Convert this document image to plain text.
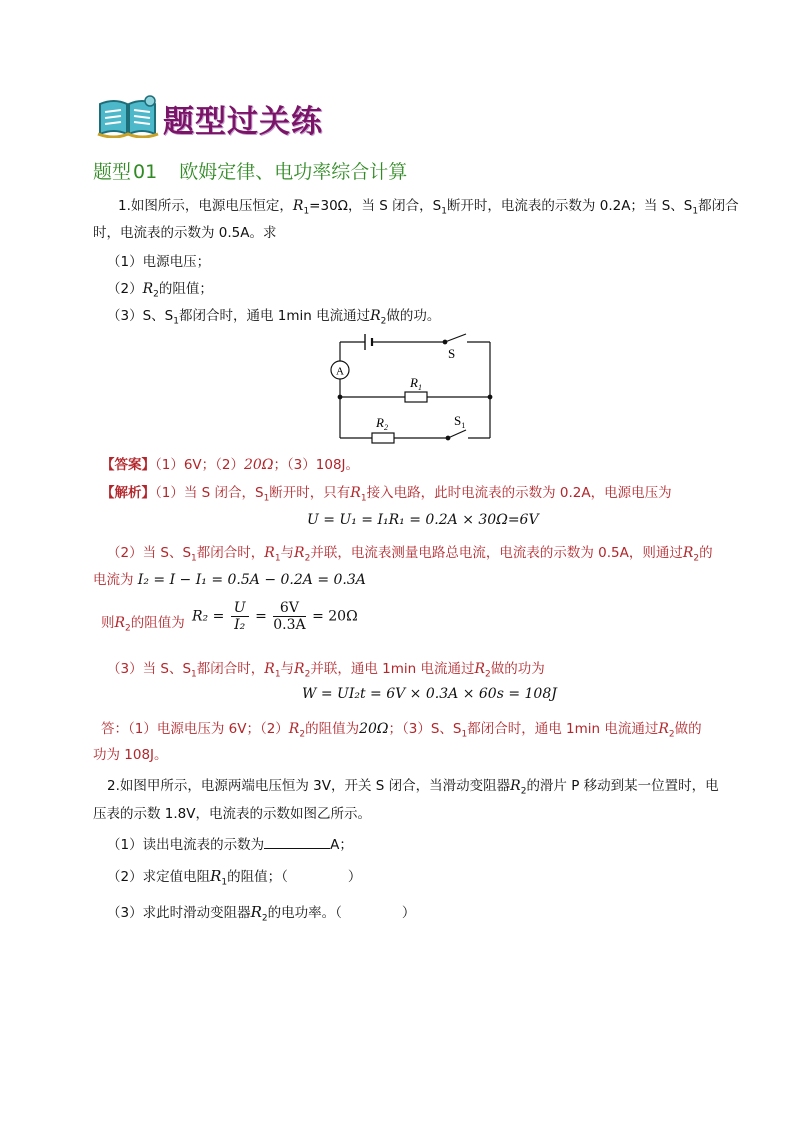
题型过关练
题型 01 欧姆定律、电功率综合计算
1.如图所示，电源电压恒定，$R_1=30\Omega$，当 S 闭合，$S_1$断开时，电流表的示数为 0.2A；当 S、$S_1$都闭合
时，电流表的示数为 0.5A。求
（1）电源电压；
$(2)R_2$的阻值；
（3）S、$S_1$都闭合时，通电 1min 电流通过$R_2$做的功。
A
S
$R_1$
$R_2$	$S_1$
【答案】（1）6V；（2）20Ω；（3）108J。
【解析】（1）当 S 闭合，$S_1$断开时，只有$R_1$接入电路，此时电流表的示数为 0.2A，电源电压为
U = U₁ = I₁R₁ = 0.2A × 30Ω=6V
（2）当 S、$S_1$都闭合时，$R_1$与$R_2$并联，电流表测量电路总电流，电流表的示数为 0.5A，则通过$R_2$的
电流为 I₂ = I − I₁ = 0.5A − 0.2A = 0.3A
则$R_2$的阻值为 $R_2 = \frac{U}{\text{I₂}} = \frac{6V}{0.3A} = 20\Omega$
（3）当 S、$S_1$都闭合时，$R_1$与$R_2$并联，通电 1min 电流通过$R_2$做的功为
W = UI₂t = 6V × 0.3A × 60s = 108J
答：（1）电源电压为 6V；$(2)R_2$的阻值为20Ω；（3）S、$S_1$都闭合时，通电 1min 电流通过$R_2$做的
功为 108J。
2.如图甲所示，电源两端电压恒为 3V，开关 S 闭合，当滑动变阻器$R_2$的滑片 P 移动到某一位置时，电
压表的示数 1.8V，电流表的示数如图乙所示。
（1）读出电流表的示数为	A；
（2）求定值电阻$R_1$的阻值；（	）
（3）求此时滑动变阻器$R_2$的电功率。（	）
